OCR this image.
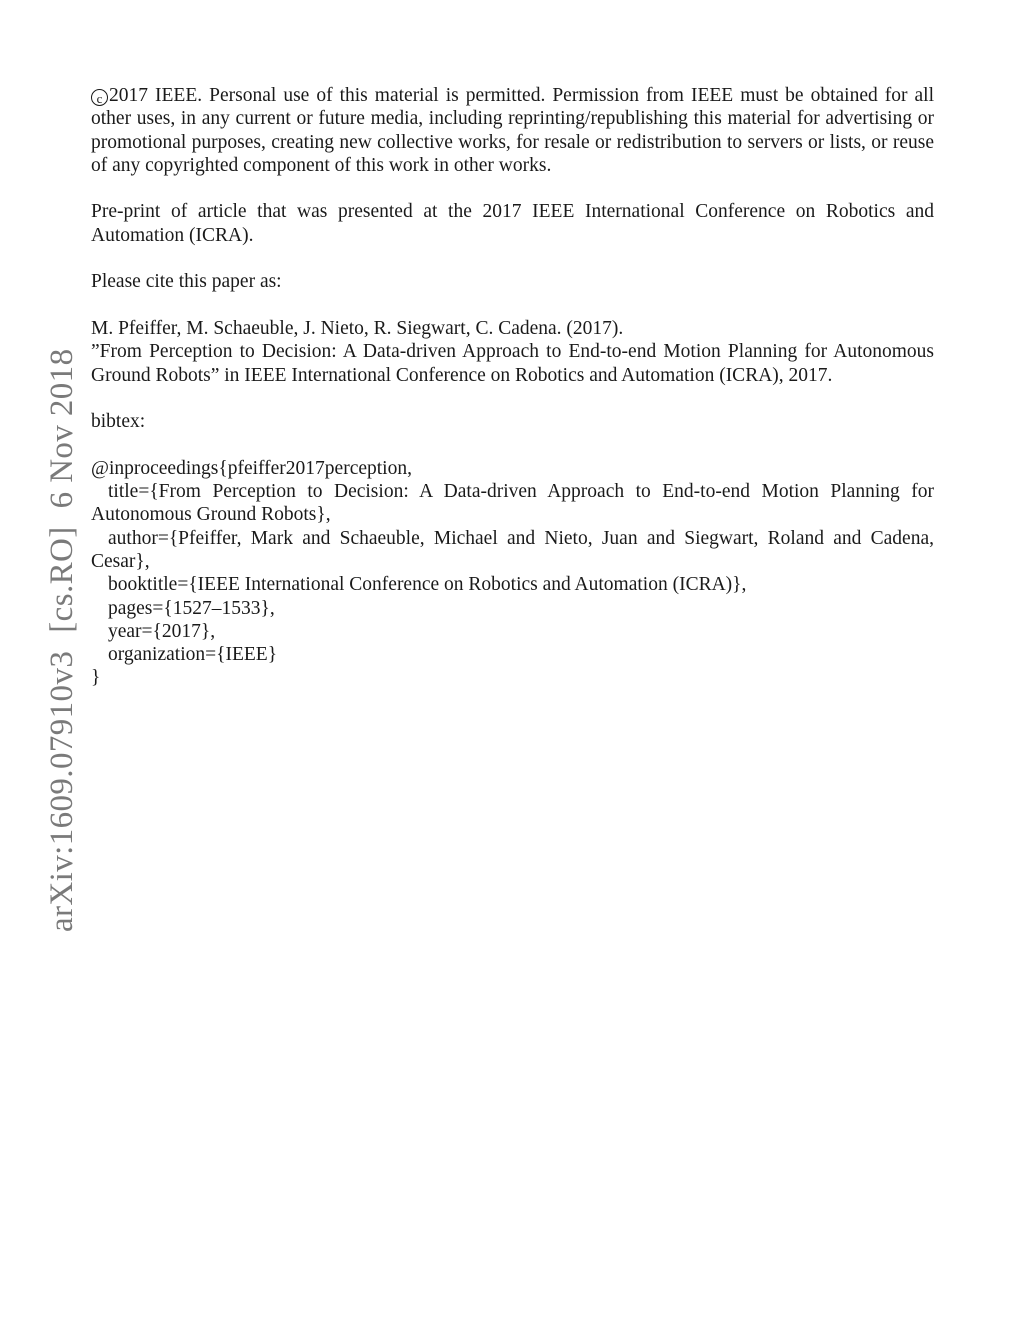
arXiv:1609.07910v3[cs.RO]6 Nov 2018

c 2017 IEEE. Personal use of this material is permitted. Permission from IEEE must be obtained for all other uses, in any current or future media, including reprinting/republishing this material for advertising or promotional purposes, creating new collective works, for resale or redistribution to servers or lists, or reuse of any copyrighted component of this work in other works.

Pre-print of article that was presented at the 2017 IEEE International Conference on Robotics and Automation (ICRA).

Please cite this paper as:

M. Pfeiffer, M. Schaeuble, J. Nieto, R. Siegwart, C. Cadena. (2017).
”From Perception to Decision: A Data-driven Approach to End-to-end Motion Planning for Autonomous
Ground Robots” in IEEE International Conference on Robotics and Automation (ICRA), 2017.

bibtex:

@inproceedings{pfeiffer2017perception,
title={From Perception to Decision: A Data-driven Approach to End-to-end Motion Planning for
Autonomous Ground Robots},
author={Pfeiffer, Mark and Schaeuble, Michael and Nieto, Juan and Siegwart, Roland and Cadena,
Cesar},
booktitle={IEEE International Conference on Robotics and Automation (ICRA)},
pages={1527–1533},
year={2017},
organization={IEEE}
}
